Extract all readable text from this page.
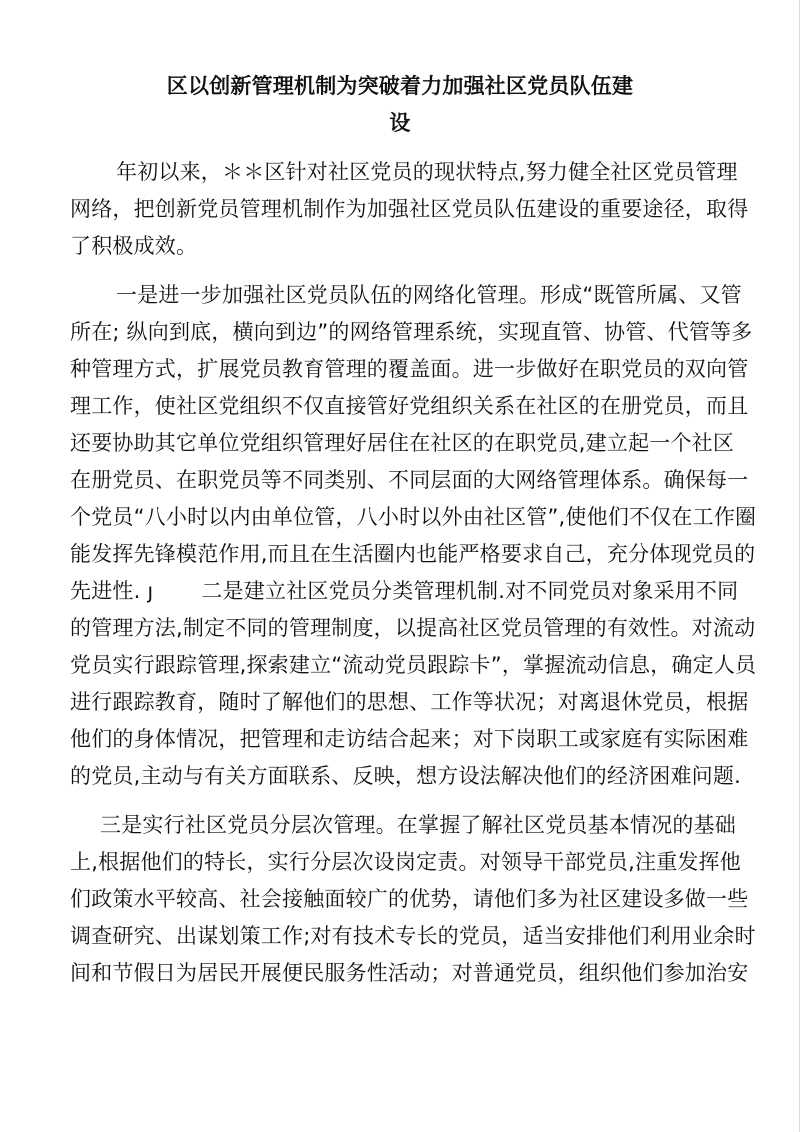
区以创新管理机制为突破着力加强社区党员队伍建
设
年初以来，＊＊区针对社区党员的现状特点,努力健全社区党员管理
网络，把创新党员管理机制作为加强社区党员队伍建设的重要途径，取得
了积极成效。
一是进一步加强社区党员队伍的网络化管理。形成“既管所属、又管
所在; 纵向到底，横向到边”的网络管理系统，实现直管、协管、代管等多
种管理方式，扩展党员教育管理的覆盖面。进一步做好在职党员的双向管
理工作，使社区党组织不仅直接管好党组织关系在社区的在册党员，而且
还要协助其它单位党组织管理好居住在社区的在职党员,建立起一个社区
在册党员、在职党员等不同类别、不同层面的大网络管理体系。确保每一
个党员“八小时以内由单位管，八小时以外由社区管”,使他们不仅在工作圈
能发挥先锋模范作用,而且在生活圈内也能严格要求自己，充分体现党员的
先进性. ȷ 二是建立社区党员分类管理机制.对不同党员对象采用不同
的管理方法,制定不同的管理制度，以提高社区党员管理的有效性。对流动
党员实行跟踪管理,探索建立“流动党员跟踪卡”，掌握流动信息，确定人员
进行跟踪教育，随时了解他们的思想、工作等状况；对离退休党员，根据
他们的身体情况，把管理和走访结合起来；对下岗职工或家庭有实际困难
的党员,主动与有关方面联系、反映，想方设法解决他们的经济困难问题.
三是实行社区党员分层次管理。在掌握了解社区党员基本情况的基础
上,根据他们的特长，实行分层次设岗定责。对领导干部党员,注重发挥他
们政策水平较高、社会接触面较广的优势，请他们多为社区建设多做一些
调查研究、出谋划策工作;对有技术专长的党员，适当安排他们利用业余时
间和节假日为居民开展便民服务性活动；对普通党员，组织他们参加治安
